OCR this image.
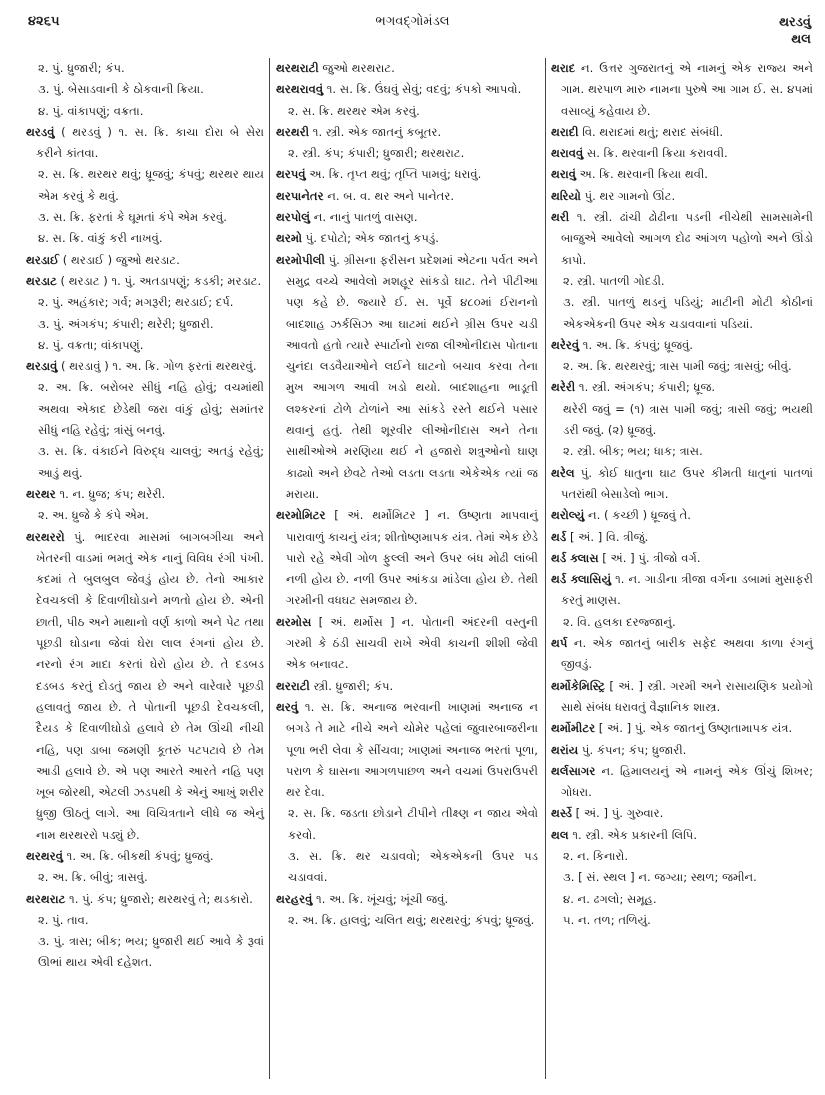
૪૨૬૫	ભગવદ્ગોમંડલ	થરડવું
થલ

૨. પું. ધ્રુજારી; કંપ.

૩. પું. બેસાડવાની કે ઠોકવાની ક્રિયા.

૪. પું. વાંકાપણું; વક્રતા.

થરડવું ( થરડવું ) ૧. સ. ક્રિ. કાચા દોરા બે સેરા કરીને કાંતવા.

૨. સ. ક્રિ. થરથર થવું; ધ્રૂજવું; કંપવું; થરથર થાય એમ કરવું કે થવું.

૩. સ. ક્રિ. ફરતાં કે ઘૂમતાં કંપે એમ કરવું.

૪. સ. ક્રિ. વાંકું કરી નાખવું.

થરડાઈ ( થરડાઈ ) જુઓ થરડાટ.

થરડાટ ( થરડાટ ) ૧. પું. અતડાપણું; કડકી; મરડાટ.

૨. પું. અહંકાર; ગર્વ; મગરૂરી; થરડાઈ; દર્પ.

૩. પું. અંગકંપ; કંપારી; થરેરી; ધ્રુજારી.

૪. પું. વક્રતા; વાંકાપણું.

થરડાવું ( થરડાવું ) ૧. અ. ક્રિ. ગોળ ફરતાં થરથરવું.

૨. અ. ક્રિ. બરોબર સીધું નહિ હોવું; વચમાંથી અથવા એકાદ છેડેથી જરા વાંકું હોવું; સમાંતર સીધું નહિ રહેવું; ત્રાંસું બનવું.

૩. સ. ક્રિ. વંકાઈને વિરુદ્ધ ચાલવું; અતડું રહેવું; આડું થવું.

થરથર ૧. ન. ધ્રુજ; કંપ; થરેરી.

૨. અ. ધ્રુજે કે કંપે એમ.

થરથરરો પું. ભાદરવા માસમાં બાગબગીચા અને ખેતરની વાડમાં ભમતું એક નાનું વિવિધ રંગી પંખી. કદમાં તે બુલબુલ જેવડું હોય છે. તેનો આકાર દેવચકલી કે દિવાળીઘોડાને મળતો હોય છે. એની છાતી, પીઠ અને માથાનો વર્ણ કાળો અને પેટ તથા પૂછડી ઘોડાના જેવાં ઘેરા લાલ રંગનાં હોય છે. નરનો રંગ માદા કરતાં ઘેરો હોય છે. તે દડબડ દડબડ કરતું દોડતું જાય છે અને વારેવારે પૂછડી હલાવતું જાય છે. તે પોતાની પૂછડી દેવચકલી, દૈયડ કે દિવાળીઘોડો હલાવે છે તેમ ઊંચી નીચી નહિ, પણ ડાબા જમણી કૂતરું પટપટાવે છે તેમ આડી હલાવે છે. એ પણ આરતે આરતે નહિ પણ ખૂબ જોરથી, એટલી ઝડપથી કે એનું આખું શરીર ધ્રુજી ઊઠતું લાગે. આ વિચિત્રતાને લીધે જ એનું નામ થરથરરો પડ્યું છે.

થરથરવું ૧. અ. ક્રિ. બીકથી કંપવું; ધ્રુજવું.

૨. અ. ક્રિ. બીવું; ત્રાસવું.

થરથરાટ ૧. પું. કંપ; ધ્રુજારો; થરથરવું તે; થડકારો.

૨. પું. તાવ.

૩. પું. ત્રાસ; બીક; ભય; ધ્રુજારી થઈ આવે કે રૂવાં ઊભાં થાય એવી દહેશત.

થરથરાટી જુઓ થરથરાટ.

થરથરાવવું ૧. સ. ક્રિ. ઉંઘવું સેવું; વદવું; કંપકો આપવો.

૨. સ. ક્રિ. થરથર એમ કરવું.

થરથરી ૧. સ્ત્રી. એક જાતનું કબૂતર.

૨. સ્ત્રી. કંપ; કંપારી; ધ્રુજારી; થરથરાટ.

થરપવું અ. ક્રિ. તૃપ્ત થવું; તૃપ્તિ પામવું; ધરાવું.

થરપાનેતર ન. બ. વ. થર અને પાનેતર.

થરપોલું ન. નાનું પાતળું વાસણ.

થરમો પું. દપોટો; એક જાતનું કપડું.

થરમોપીલી પું. ગ્રીસના ફરીસન પ્રદેશમાં એટના પર્વત અને સમુદ્ર વચ્ચે આવેલો મશહૂર સાંકડો ઘાટ. તેને પીટીઆ પણ કહે છે. જ્યારે ઈ. સ. પૂર્વે ૪૮૦માં ઈરાનનો બાદશાહ ઝર્કસિઝ આ ઘાટમાં થઈને ગ્રીસ ઉપર ચડી આવતો હતો ત્યારે સ્પાર્ટાનો રાજા લીઓનીદાસ પોતાના ચુનંદા લડવૈયાઓને લઈને ઘાટનો બચાવ કરવા તેના મુખ આગળ આવી ખડો થયો. બાદશાહના ભાડૂતી લશ્કરનાં ટોળે ટોળાંને આ સાંકડે રસ્તે થઈને પસાર થવાનું હતું. તેથી શૂરવીર લીઓનીદાસ અને તેના સાથીઓએ મરણિયા થઈ ને હજારો શત્રુઓનો ઘાણ કાઢ્યો અને છેવટે તેઓ લડતા લડતા એકેએક ત્યાં જ મરાયા.

થરમોમિટર [ અં. થર્મોમિટર ] ન. ઉષ્ણતા માપવાનું પારાવાળું કાચનું યંત્ર; શીતોષ્ણમાપક યંત્ર. તેમાં એક છેડે પારો રહે એવી ગોળ ફુલ્લી અને ઉપર બંધ મોઢી લાંબી નળી હોય છે. નળી ઉપર આંકડા માંડેલા હોય છે. તેથી ગરમીની વધઘટ સમજાય છે.

થરમોસ [ અં. થર્મોસ ] ન. પોતાની અંદરની વસ્તુની ગરમી કે ઠંડી સાચવી રાખે એવી કાચની શીશી જેવી એક બનાવટ.

થરરાટી સ્ત્રી. ધ્રુજારી; કંપ.

થરવું ૧. સ. ક્રિ. અનાજ ભરવાની ખાણમાં અનાજ ન બગડે તે માટે નીચે અને ચોમેર પહેલાં જુવારબાજરીના પૂળા ભરી લેવા કે સીંચવા; ખાણમાં અનાજ ભરતાં પૂળા, પરાળ કે ઘાસના આગળપાછળ અને વચમાં ઉપરાઉપરી થર દેવા.

૨. સ. ક્રિ. જડતા છોડાને ટીપીને તીક્ષ્ણ ન જાય એવો કરવો.

૩. સ. ક્રિ. થર ચડાવવો; એકએકની ઉપર પડ ચડાવવાં.

થરહરવું ૧. અ. ક્રિ. ખૂંચવું; ખૂંચી જવું.

૨. અ. ક્રિ. હાલવું; ચલિત થવું; થરથરવું; કંપવું; ધ્રૂજવું.

થરાદ ન. ઉત્તર ગુજરાતનું એ નામનું એક રાજ્ય અને ગામ. થરપાળ મારુ નામના પુરુષે આ ગામ ઈ. સ. ૪૫માં વસાવ્યું કહેવાય છે.

થરાદી વિ. થરાદમાં થતું; થરાદ સંબંધી.

થરાવવું સ. ક્રિ. થરવાની ક્રિયા કરાવવી.

થરાવું અ. ક્રિ. થરવાની ક્રિયા થવી.

થરિયો પું. થર ગામનો ઊંટ.

થરી ૧. સ્ત્રી. ઢાંચી ઢોઢીના પડની નીચેથી સામસામેની બાજુએ આવેલો આગળ દોઢ આંગળ પહોળો અને ઊંડો કાપો.

૨. સ્ત્રી. પાતળી ગોદડી.

૩. સ્ત્રી. પાતળું થડનું પડિયું; માટીની મોટી કોઠીનાં એકએકની ઉપર એક ચડાવવાનાં પડિયાં.

થરેરવું ૧. અ. ક્રિ. કંપવું; ધ્રૂજવું.

૨. અ. ક્રિ. થરથરવું; ત્રાસ પામી જવું; ત્રાસવું; બીવું.

થરેરી ૧. સ્ત્રી. અંગકંપ; કંપારી; ધ્રૂજ.

થરેરી જવું = (૧) ત્રાસ પામી જવું; ત્રાસી જવું; ભયથી ડરી જવું. (૨) ધ્રૂજવું.

૨. સ્ત્રી. બીક; ભય; ધાક; ત્રાસ.

થરેલ પું. કોઈ ધાતુના ઘાટ ઉપર કીમતી ધાતુનાં પાતળાં પતરાંથી બેસાડેલો ભાગ.

થરોલ્યું ન. ( કચ્છી ) ધ્રૂજવું તે.

થર્ડ [ અં. ] વિ. ત્રીજું.

થર્ડ ક્લાસ [ અં. ] પું. ત્રીજો વર્ગ.

થર્ડ ક્લાસિયું ૧. ન. ગાડીના ત્રીજા વર્ગના ડબામાં મુસાફરી કરતું માણસ.

૨. વિ. હલકા દરજ્જાનું.

થર્પ ન. એક જાતનું બારીક સફેદ અથવા કાળા રંગનું જીવડું.

થર્મોકેમિસ્ટ્રિ [ અં. ] સ્ત્રી. ગરમી અને રાસાયણિક પ્રયોગો સાથે સંબંધ ધરાવતું વૈજ્ઞાનિક શાસ્ત્ર.

થર્મોમીટર [ અં. ] પું. એક જાતનું ઉષ્ણતામાપક યંત્ર.

થરાંય પું. કંપન; કંપ; ધ્રુજારી.

થર્લસાગર ન. હિમાલયનું એ નામનું એક ઊંચું શિખર; ગોધરા.

થર્સ્ડે [ અં. ] પું. ગુરુવાર.

થલ ૧. સ્ત્રી. એક પ્રકારની લિપિ.

૨. ન. કિનારો.

૩. [ સં. સ્થલ ] ન. જગ્યા; સ્થળ; જમીન.

૪. ન. ઢગલો; સમૂહ.

૫. ન. તળ; તળિયું.
